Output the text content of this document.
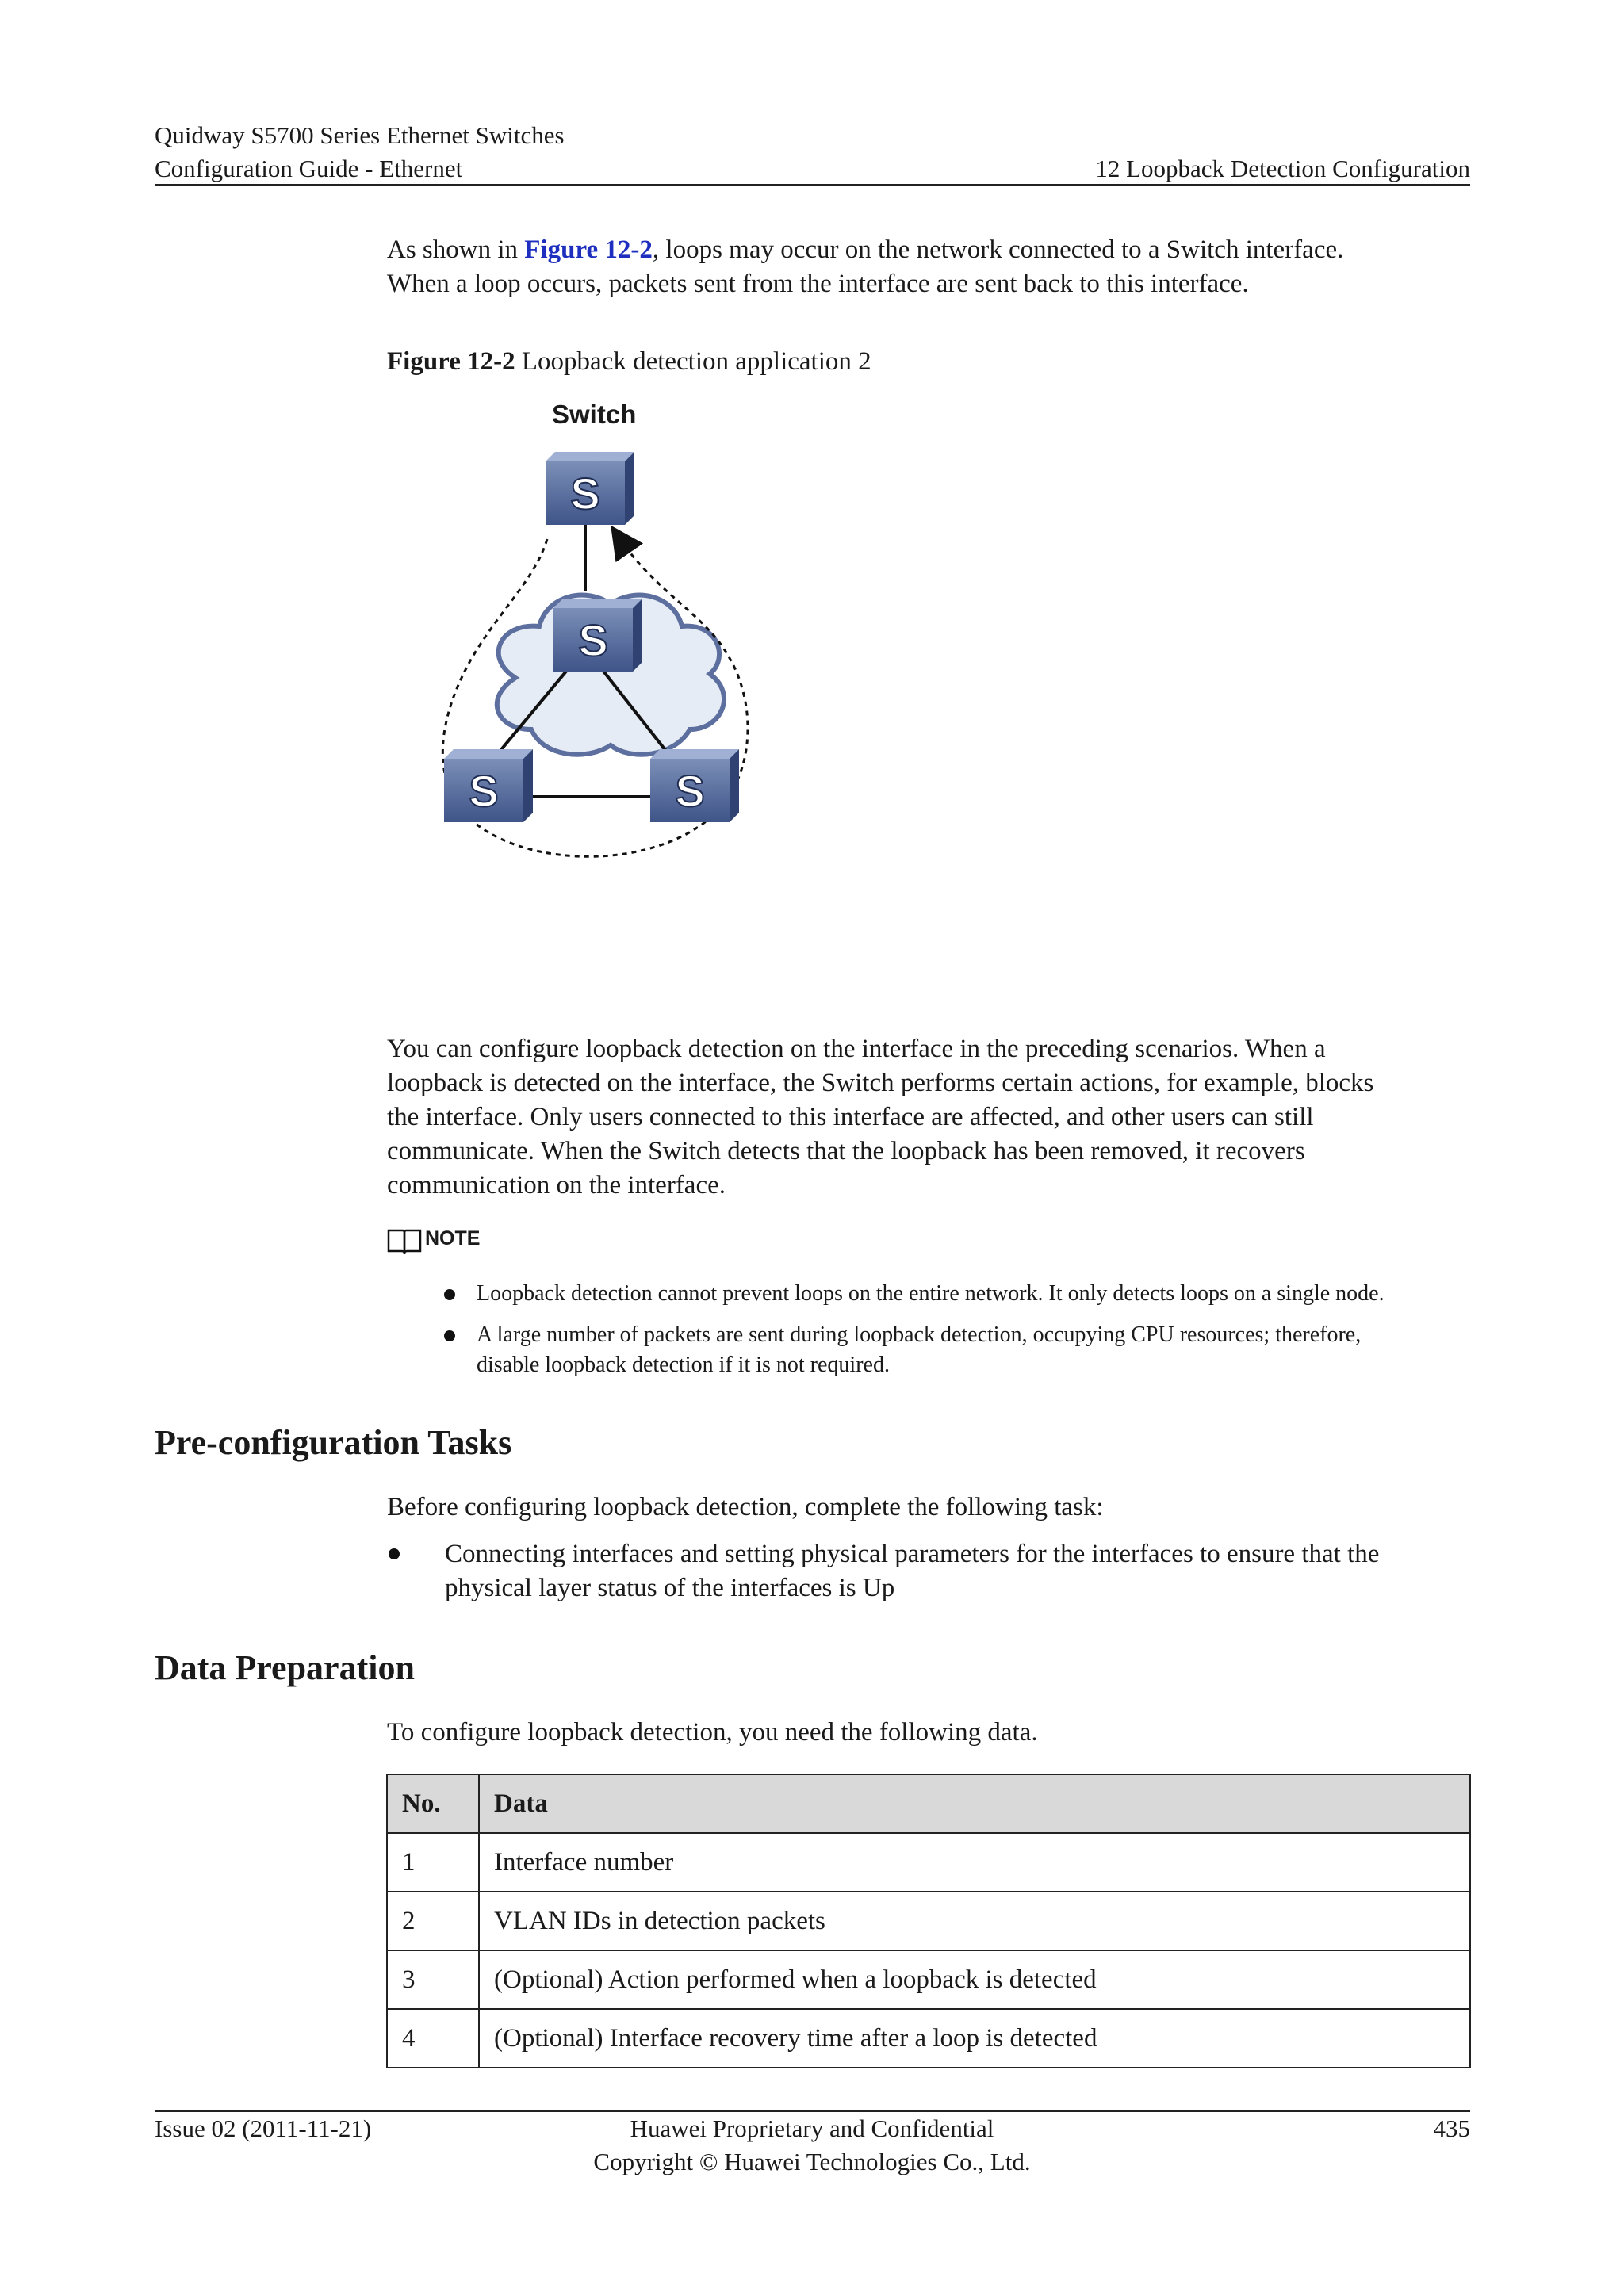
Quidway S5700 Series Ethernet Switches
Configuration Guide - Ethernet	12 Loopback Detection Configuration
As shown in Figure 12-2, loops may occur on the network connected to a Switch interface.
When a loop occurs, packets sent from the interface are sent back to this interface.
Figure 12-2 Loopback detection application 2
Switch
S
S
S	S
You can configure loopback detection on the interface in the preceding scenarios. When a
loopback is detected on the interface, the Switch performs certain actions, for example, blocks
the interface. Only users connected to this interface are affected, and other users can still
communicate. When the Switch detects that the loopback has been removed, it recovers
communication on the interface.
NOTE
Loopback detection cannot prevent loops on the entire network. It only detects loops on a single node.
A large number of packets are sent during loopback detection, occupying CPU resources; therefore,
disable loopback detection if it is not required.
Pre-configuration Tasks
Before configuring loopback detection, complete the following task:
Connecting interfaces and setting physical parameters for the interfaces to ensure that the
physical layer status of the interfaces is Up
Data Preparation
To configure loopback detection, you need the following data.
No.	Data
1	Interface number
2	VLAN IDs in detection packets
3	(Optional) Action performed when a loopback is detected
4	(Optional) Interface recovery time after a loop is detected
Issue 02 (2011-11-21)	Huawei Proprietary and Confidential
Copyright © Huawei Technologies Co., Ltd.
435
